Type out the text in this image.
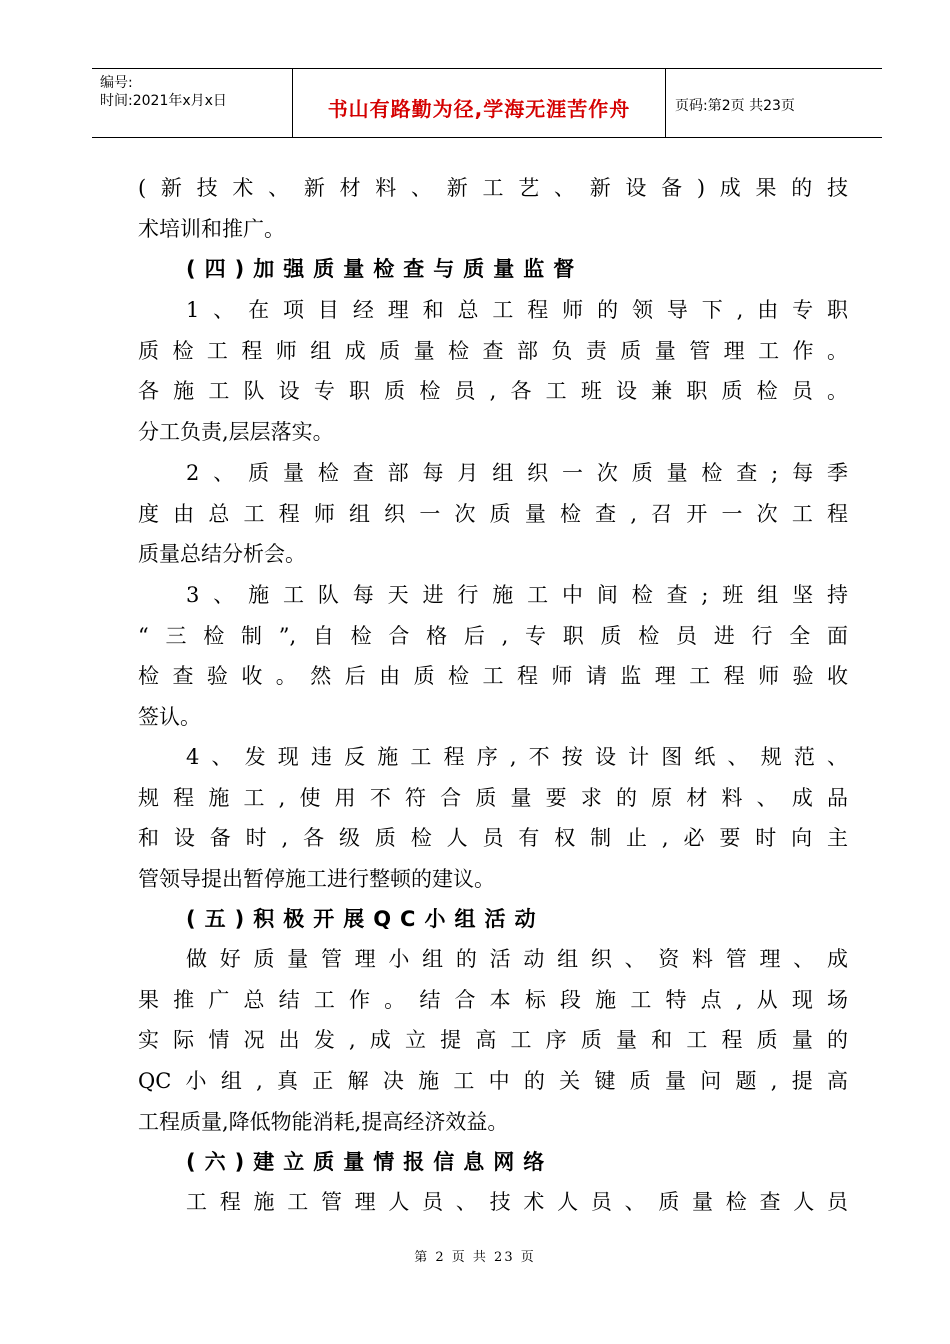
编号:
时间:2021年x月x日	书山有路勤为径,学海无涯苦作舟	页码:第2页 共23页
(新技术、新材料、新工艺、新设备)成果的技
术培训和推广。
(四)加强质量检查与质量监督
1、在项目经理和总工程师的领导下,由专职
质检工程师组成质量检查部负责质量管理工作。
各施工队设专职质检员,各工班设兼职质检员。
分工负责,层层落实。
2、质量检查部每月组织一次质量检查;每季
度由总工程师组织一次质量检查,召开一次工程
质量总结分析会。
3、施工队每天进行施工中间检查;班组坚持
“三检制”,自检合格后,专职质检员进行全面
检查验收。然后由质检工程师请监理工程师验收
签认。
4、发现违反施工程序,不按设计图纸、规范、
规程施工,使用不符合质量要求的原材料、成品
和设备时,各级质检人员有权制止,必要时向主
管领导提出暂停施工进行整顿的建议。
(五)积极开展QC小组活动
做好质量管理小组的活动组织、资料管理、成
果推广总结工作。结合本标段施工特点,从现场
实际情况出发,成立提高工序质量和工程质量的
QC小组,真正解决施工中的关键质量问题,提高
工程质量,降低物能消耗,提高经济效益。
(六)建立质量情报信息网络
工程施工管理人员、技术人员、质量检查人员
第 2 页 共 23 页
